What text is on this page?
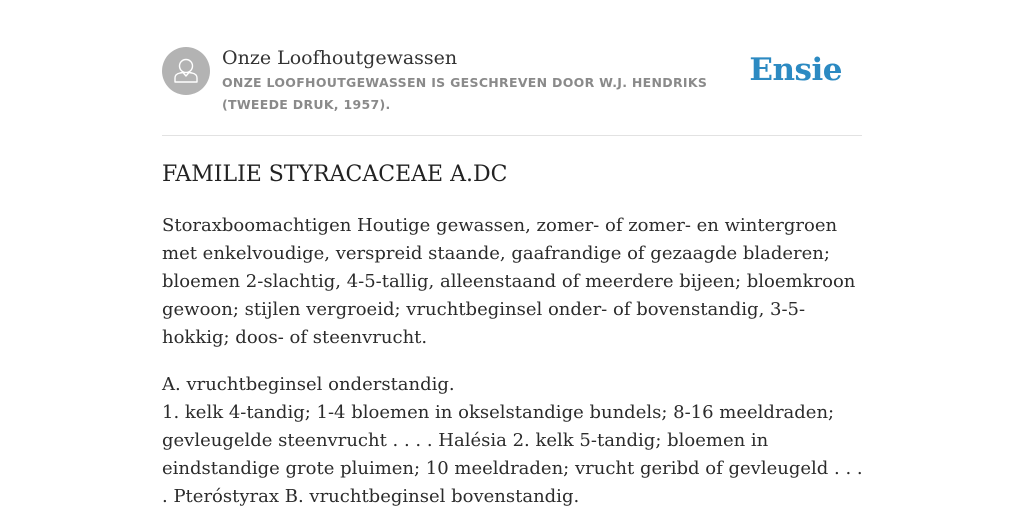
Onze Loofhoutgewassen
ONZE LOOFHOUTGEWASSEN IS GESCHREVEN DOOR W.J. HENDRIKS (TWEEDE DRUK, 1957).
Ensie
FAMILIE STYRACACEAE A.DC

Storaxboomachtigen Houtige gewassen, zomer- of zomer- en wintergroen met enkelvoudige, verspreid staande, gaafrandige of gezaagde bladeren; bloemen 2-slachtig, 4-5-tallig, alleenstaand of meerdere bijeen; bloemkroon gewoon; stijlen vergroeid; vruchtbeginsel onder- of bovenstandig, 3-5-hokkig; doos- of steenvrucht.

A. vruchtbeginsel onderstandig.
1. kelk 4-tandig; 1-4 bloemen in okselstandige bundels; 8-16 meeldraden; gevleugelde steenvrucht . . . . Halésia 2. kelk 5-tandig; bloemen in eindstandige grote pluimen; 10 meeldraden; vrucht geribd of gevleugeld . . . . Pteróstyrax B. vruchtbeginsel bovenstandig.
